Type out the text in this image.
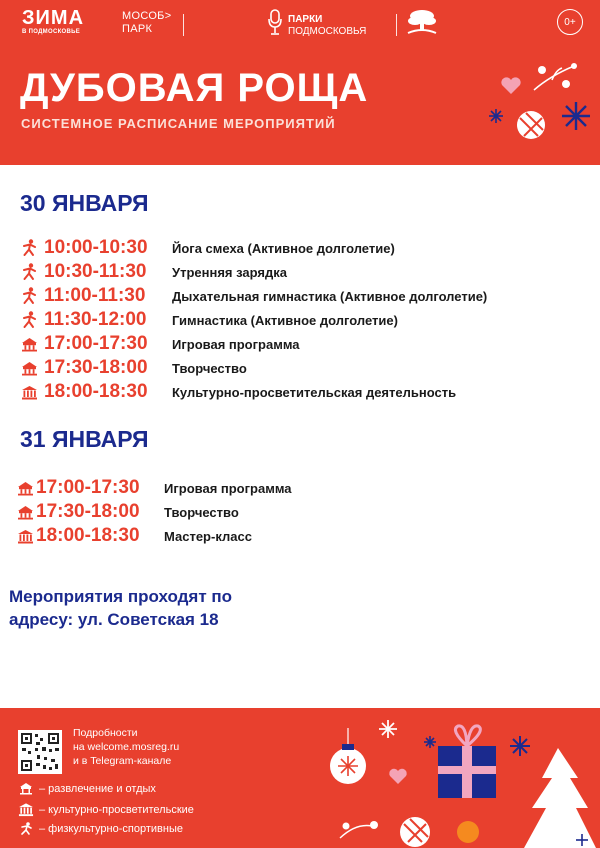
ЗИМА
В ПОДМОСКОВЬЕ
МОСОБ>
ПАРК
ПАРКИ
ПОДМОСКОВЬЯ
0+
ДУБОВАЯ РОЩА
СИСТЕМНОЕ РАСПИСАНИЕ МЕРОПРИЯТИЙ
30 ЯНВАРЯ
10:00-10:30 Йога смеха (Активное долголетие)
10:30-11:30 Утренняя зарядка
11:00-11:30 Дыхательная гимнастика (Активное долголетие)
11:30-12:00 Гимнастика (Активное долголетие)
17:00-17:30 Игровая программа
17:30-18:00 Творчество
18:00-18:30 Культурно-просветительская деятельность
31 ЯНВАРЯ
17:00-17:30 Игровая программа
17:30-18:00 Творчество
18:00-18:30 Мастер-класс
Мероприятия проходят по
адресу: ул. Советская 18
Подробности
на welcome.mosreg.ru
и в Telegram-канале
– развлечение и отдых
– культурно-просветительские
– физкультурно-спортивные
